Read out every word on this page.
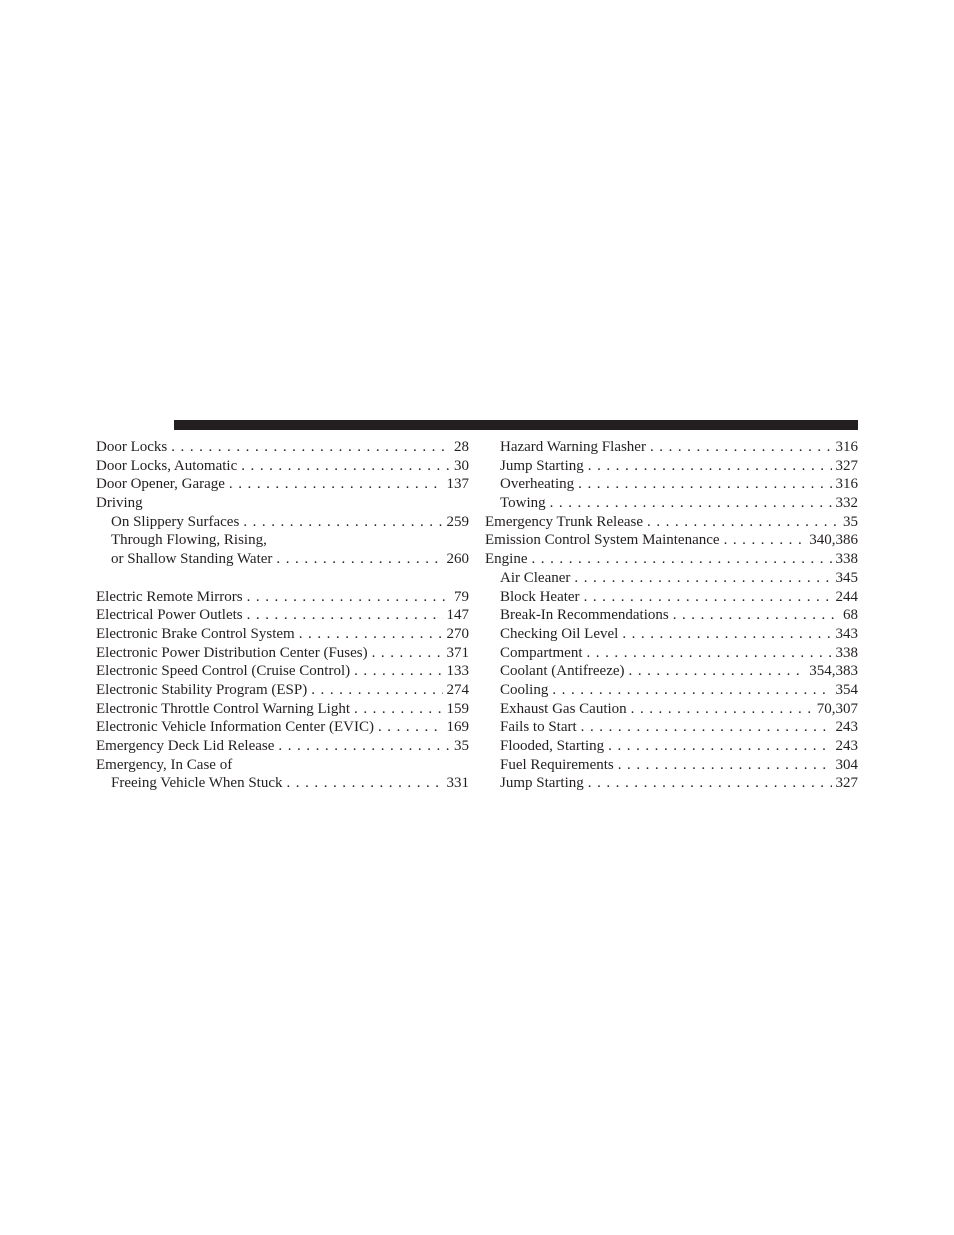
Door Locks . . .	28
Door Locks, Automatic . . .	30
Door Opener, Garage . . .	137
Driving
On Slippery Surfaces . . .	259
Through Flowing, Rising,
or Shallow Standing Water . . .	260
Electric Remote Mirrors . . .	79
Electrical Power Outlets . . .	147
Electronic Brake Control System . . .	270
Electronic Power Distribution Center (Fuses) . . .	371
Electronic Speed Control (Cruise Control) . . .	133
Electronic Stability Program (ESP) . . .	274
Electronic Throttle Control Warning Light . . .	159
Electronic Vehicle Information Center (EVIC) . . .	169
Emergency Deck Lid Release . . .	35
Emergency, In Case of
Freeing Vehicle When Stuck . . .	331
Hazard Warning Flasher . . .	316
Jump Starting . . .	327
Overheating . . .	316
Towing . . .	332
Emergency Trunk Release . . .	35
Emission Control System Maintenance . . .	340,386
Engine . . .	338
Air Cleaner . . .	345
Block Heater . . .	244
Break-In Recommendations . . .	68
Checking Oil Level . . .	343
Compartment . . .	338
Coolant (Antifreeze) . . .	354,383
Cooling . . .	354
Exhaust Gas Caution . . .	70,307
Fails to Start . . .	243
Flooded, Starting . . .	243
Fuel Requirements . . .	304
Jump Starting . . .	327
